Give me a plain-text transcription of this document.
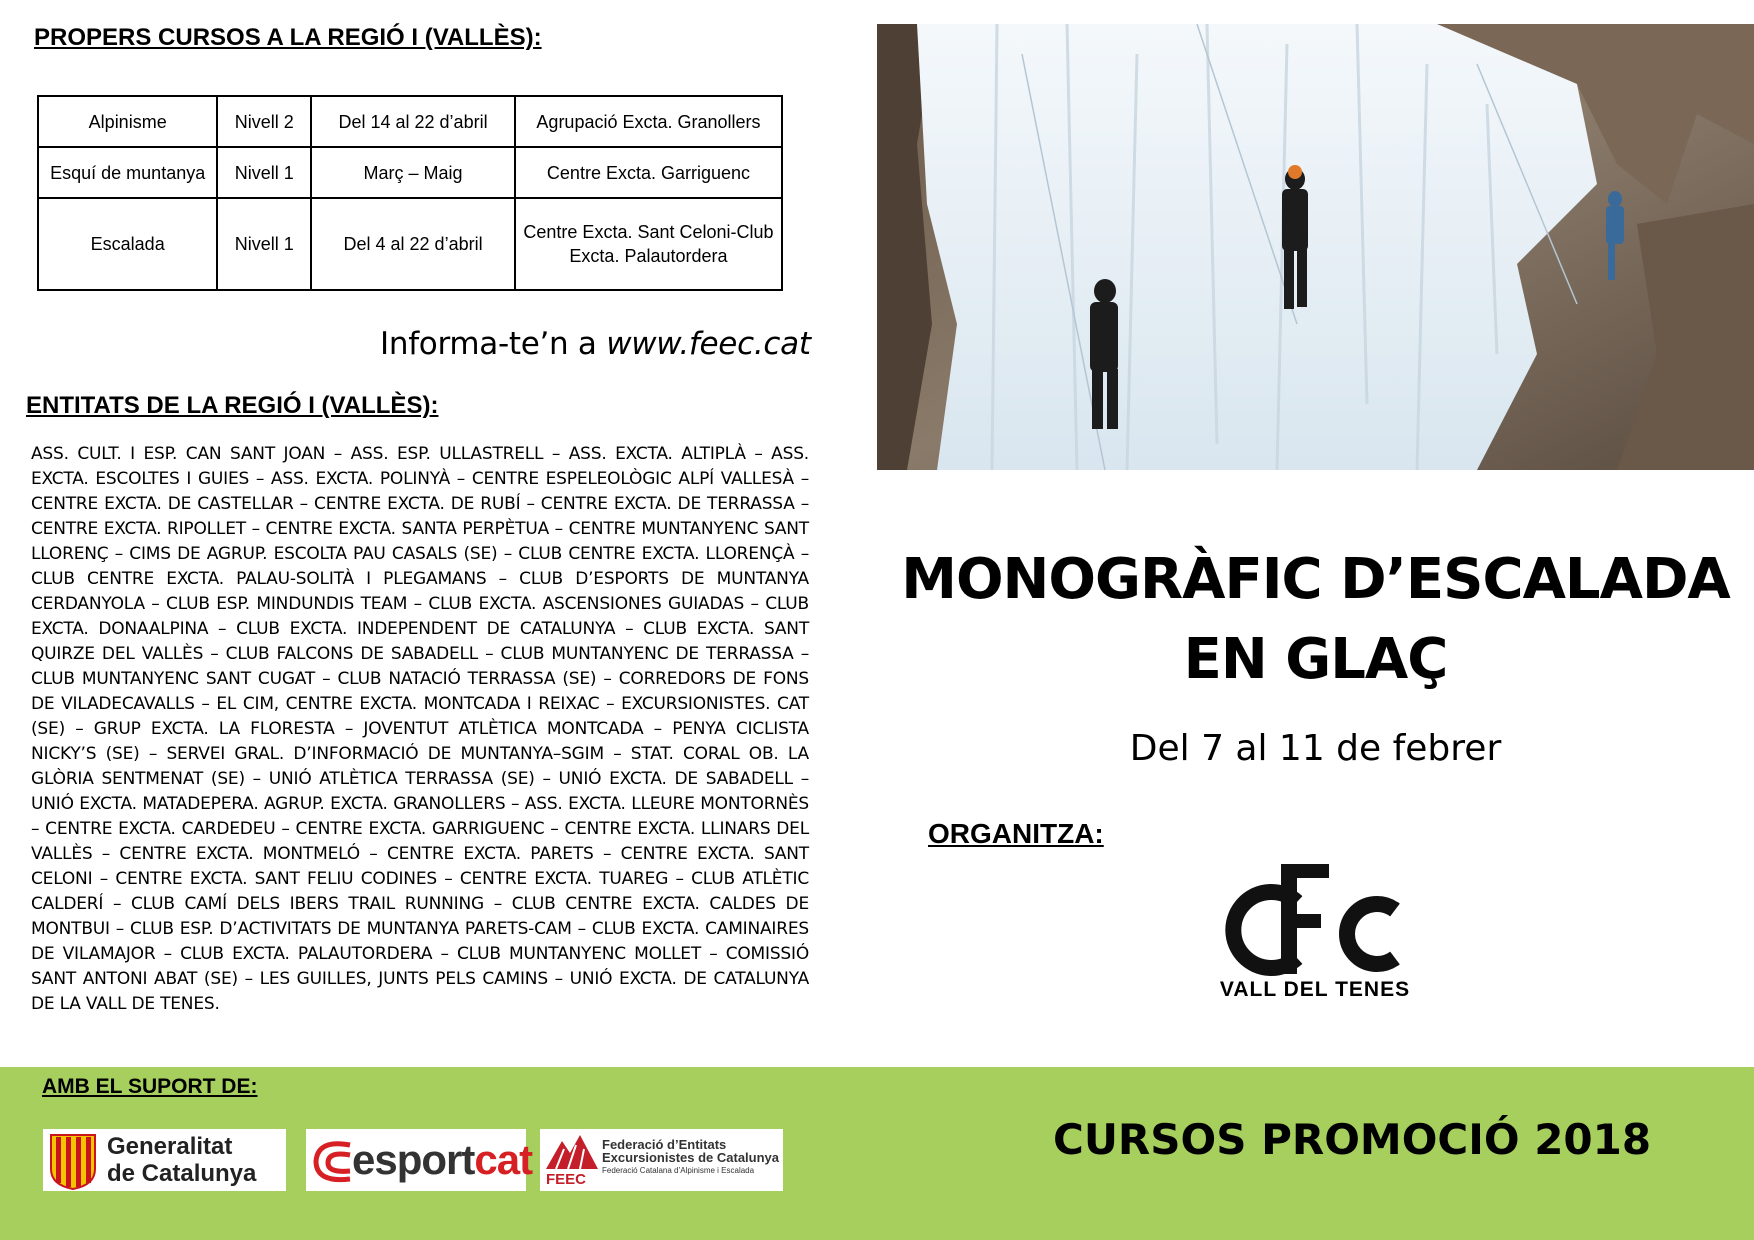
PROPERS CURSOS A LA REGIÓ I (VALLÈS):
Alpinisme	Nivell 2	Del 14 al 22 d’abril	Agrupació Excta. Granollers
Esquí de muntanya	Nivell 1	Març – Maig	Centre Excta. Garriguenc
Escalada	Nivell 1	Del 4 al 22 d’abril	Centre Excta. Sant Celoni-Club Excta. Palautordera
Informa-te’n a www.feec.cat
ENTITATS DE LA REGIÓ I (VALLÈS):
ASS. CULT. I ESP. CAN SANT JOAN – ASS. ESP. ULLASTRELL – ASS. EXCTA. ALTIPLÀ – ASS. EXCTA. ESCOLTES I GUIES – ASS. EXCTA. POLINYÀ – CENTRE ESPELEOLÒGIC ALPÍ VALLESÀ – CENTRE EXCTA. DE CASTELLAR – CENTRE EXCTA. DE RUBÍ – CENTRE EXCTA. DE TERRASSA – CENTRE EXCTA. RIPOLLET – CENTRE EXCTA. SANTA PERPÈTUA – CENTRE MUNTANYENC SANT LLORENÇ – CIMS DE AGRUP. ESCOLTA PAU CASALS (SE) – CLUB CENTRE EXCTA. LLORENÇÀ – CLUB CENTRE EXCTA. PALAU-SOLITÀ I PLEGAMANS – CLUB D’ESPORTS DE MUNTANYA CERDANYOLA – CLUB ESP. MINDUNDIS TEAM – CLUB EXCTA. ASCENSIONES GUIADAS – CLUB EXCTA. DONAALPINA – CLUB EXCTA. INDEPENDENT DE CATALUNYA – CLUB EXCTA. SANT QUIRZE DEL VALLÈS – CLUB FALCONS DE SABADELL – CLUB MUNTANYENC DE TERRASSA – CLUB MUNTANYENC SANT CUGAT – CLUB NATACIÓ TERRASSA (SE) – CORREDORS DE FONS DE VILADECAVALLS – EL CIM, CENTRE EXCTA. MONTCADA I REIXAC – EXCURSIONISTES. CAT (SE) – GRUP EXCTA. LA FLORESTA – JOVENTUT ATLÈTICA MONTCADA – PENYA CICLISTA NICKY’S (SE) – SERVEI GRAL. D’INFORMACIÓ DE MUNTANYA–SGIM – STAT. CORAL OB. LA GLÒRIA SENTMENAT (SE) – UNIÓ ATLÈTICA TERRASSA (SE) – UNIÓ EXCTA. DE SABADELL – UNIÓ EXCTA. MATADEPERA. AGRUP. EXCTA. GRANOLLERS – ASS. EXCTA. LLEURE MONTORNÈS – CENTRE EXCTA. CARDEDEU – CENTRE EXCTA. GARRIGUENC – CENTRE EXCTA. LLINARS DEL VALLÈS – CENTRE EXCTA. MONTMELÓ – CENTRE EXCTA. PARETS – CENTRE EXCTA. SANT CELONI – CENTRE EXCTA. SANT FELIU CODINES – CENTRE EXCTA. TUAREG – CLUB ATLÈTIC CALDERÍ – CLUB CAMÍ DELS IBERS TRAIL RUNNING – CLUB CENTRE EXCTA. CALDES DE MONTBUI – CLUB ESP. D’ACTIVITATS DE MUNTANYA PARETS-CAM – CLUB EXCTA. CAMINAIRES DE VILAMAJOR – CLUB EXCTA. PALAUTORDERA – CLUB MUNTANYENC MOLLET – COMISSIÓ SANT ANTONI ABAT (SE) – LES GUILLES, JUNTS PELS CAMINS – UNIÓ EXCTA. DE CATALUNYA DE LA VALL DE TENES.
MONOGRÀFIC D’ESCALADA
EN GLAÇ
Del 7 al 11 de febrer
ORGANITZA:
VALL DEL TENES
AMB EL SUPORT DE:
Generalitat
de Catalunya esportcat FEEC
Federació d’Entitats
Excursionistes de Catalunya
Federació Catalana d’Alpinisme i Escalada
CURSOS PROMOCIÓ 2018
